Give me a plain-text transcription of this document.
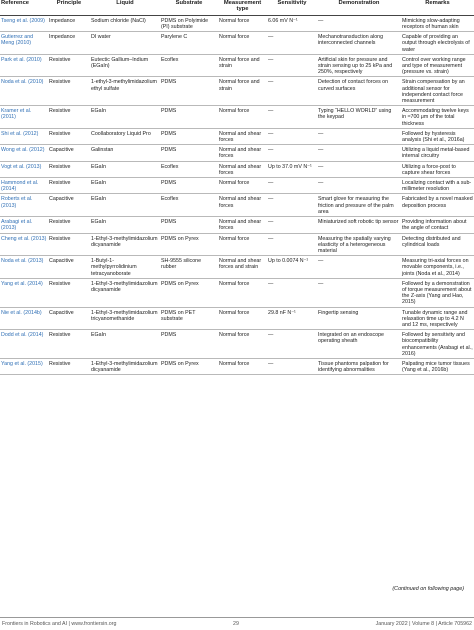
Reference	Principle	Liquid	Substrate	Measurement type	Sensitivity	Demonstration	Remarks
Tseng et al. (2009)	Impedance	Sodium chloride (NaCl)	PDMS on Polyimide (PI) substrate	Normal force	6.06 mV N⁻¹	—	Mimicking slow-adapting receptors of human skin
Gutierrez and Meng (2010)	Impedance	DI water	Parylene C	Normal force	—	Mechanotransduction along interconnected channels	Capable of providing an output through electrolysis of water
Park et al. (2010)	Resistive	Eutectic Gallium–Indium (EGaIn)	Ecoflex	Normal force and strain	—	Artificial skin for pressure and strain sensing up to 25 kPa and 250%, respectively	Control over working range and type of measurement (pressure vs. strain)
Noda et al. (2010)	Resistive	1-ethyl-3-methylimidazolium ethyl sulfate	PDMS	Normal force and strain	—	Detection of contact forces on curved surfaces	Strain compensation by an additional sensor for independent contact force measurement
Kramer et al. (2011)	Resistive	EGaIn	PDMS	Normal force	—	Typing “HELLO WORLD” using the keypad	Accommodating twelve keys in ≈700 μm of the total thickness
Shi et al. (2012)	Resistive	Coollaboratory Liquid Pro	PDMS	Normal and shear forces	—	—	Followed by hysteresis analysis (Shi et al., 2016a)
Wong et al. (2012)	Capacitive	Galinstan	PDMS	Normal and shear forces	—	—	Utilizing a liquid metal-based internal circuitry
Vogt et al. (2013)	Resistive	EGaIn	Ecoflex	Normal and shear forces	Up to 37.0 mV N⁻¹	—	Utilizing a force-post to capture shear forces
Hammond et al. (2014)	Resistive	EGaIn	PDMS	Normal force	—	—	Localizing contact with a sub-millimeter resolution
Roberts et al. (2013)	Capacitive	EGaIn	Ecoflex	Normal and shear forces	—	Smart glove for measuring the friction and pressure of the palm area	Fabricated by a novel masked deposition process
Arabagi et al. (2013)	Resistive	EGaIn	PDMS	Normal and shear forces	—	Miniaturized soft robotic tip sensor	Providing information about the angle of contact
Cheng et al. (2013)	Resistive	1-Ethyl-3-methylimidazolium dicyanamide	PDMS on Pyrex	Normal force	—	Measuring the spatially varying elasticity of a heterogeneous material	Detecting distributed and cylindrical loads
Noda et al. (2013)	Capacitive	1-Butyl-1-methylpyrrolidinium tetracyanoborate	SH-9555 silicone rubber	Normal and shear forces and strain	Up to 0.0074 N⁻¹	—	Measuring tri-axial forces on movable components, i.e., joints (Noda et al., 2014)
Yang et al. (2014)	Resistive	1-Ethyl-3-methylimidazolium dicyanamide	PDMS on Pyrex	Normal force	—	—	Followed by a demonstration of torque measurement about the Z-axis (Yang and Hao, 2015)
Nie et al. (2014b)	Capacitive	1-Ethyl-3-methylimidazolium tricyanomethanide	PDMS on PET substrate	Normal force	29.8 nF N⁻¹	Fingertip sensing	Tunable dynamic range and relaxation time up to 4.2 N and 12 ms, respectively
Dodd et al. (2014)	Resistive	EGaIn	PDMS	Normal force	—	Integrated on an endoscope operating sheath	Followed by sensitivity and biocompatibility enhancements (Arabagi et al., 2016)
Yang et al. (2015)	Resistive	1-Ethyl-3-methylimidazolium dicyanamide	PDMS on Pyrex	Normal force	—	Tissue phantoms palpation for identifying abnormalities	Palpating mice tumor tissues (Yang et al., 2016b)
(Continued on following page)
Frontiers in Robotics and AI | www.frontiersin.org	29	January 2022 | Volume 8 | Article 705962
